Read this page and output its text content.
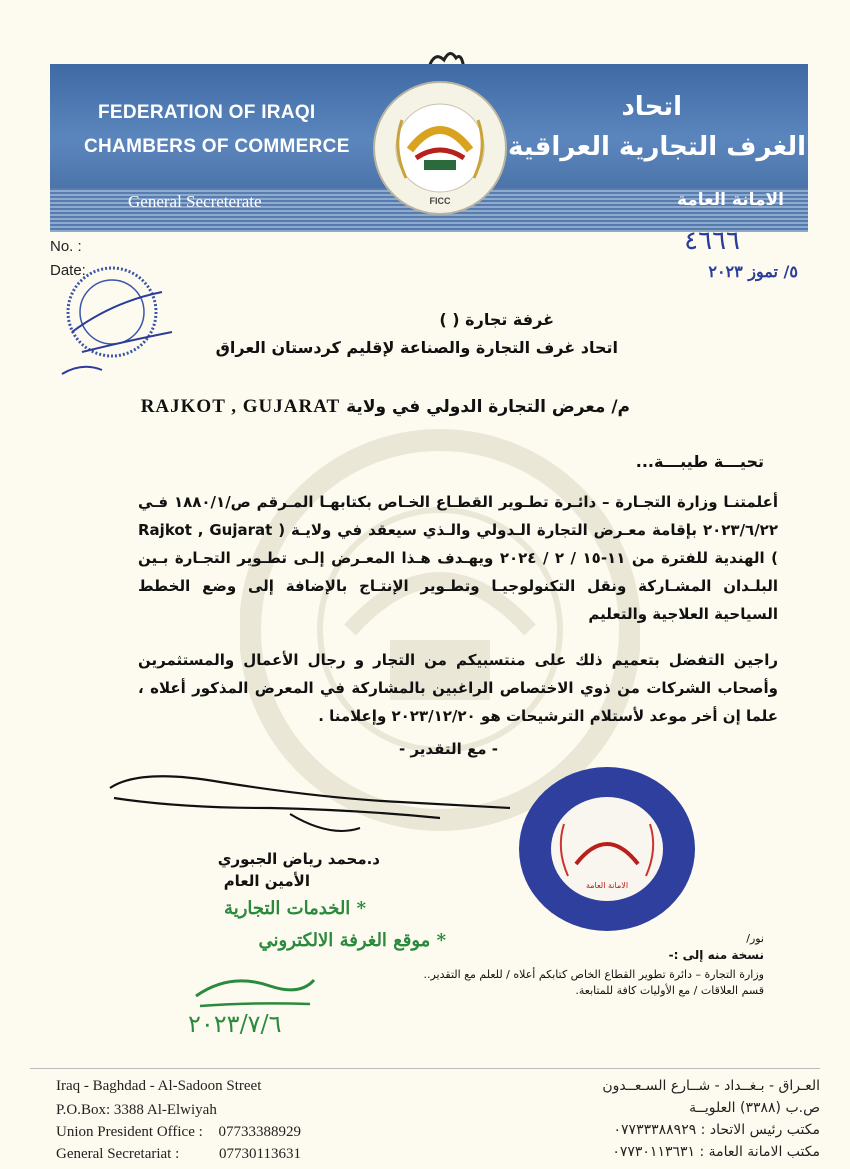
FEDERATION OF IRAQI
CHAMBERS OF COMMERCE
General Secreterate
اتحاد
الغرف التجارية العراقية
الامانة العامة
FICC
No. :
Date:
٤٦٦٦
٥/ تموز ٢٠٢٣
غرفة تجارة ( )
اتحاد غرف التجارة والصناعة لإقليم كردستان العراق
م/ معرض التجارة الدولي في ولاية RAJKOT , GUJARAT
تحيـــة طيبـــة...
أعلمتنـا وزارة التجـارة – دائـرة تطـوير القطـاع الخـاص بكتابهـا المـرقم ص/١٨٨٠/١ فـي ٢٠٢٣/٦/٢٢ بإقامة معـرض التجارة الـدولي والـذي سيعقد في ولايـة ( Rajkot , Gujarat ) الهندية للفترة من ١١-١٥ / ٢ / ٢٠٢٤ ويهـدف هـذا المعـرض إلـى تطـوير التجـارة بـين البلـدان المشـاركة ونقل التكنولوجيـا وتطـوير الإنتـاج بالإضافة إلى وضع الخطط السياحية العلاجية والتعليم
راجين التفضل بتعميم ذلك على منتسبيكم من التجار و رجال الأعمال والمستثمرين وأصحاب الشركات من ذوي الاختصاص الراغبين بالمشاركة في المعرض المذكور أعلاه ، علما إن أخر موعد لأستلام الترشيحات هو ٢٠٢٣/١٢/٢٠ وإعلامنا .
- مع التقدير -
د.محمد رياض الجبوري
الأمين العام	الامانة العامة
* الخدمات التجارية
* موقع الغرفة الالكتروني
٢٠٢٣/٧/٦
نور/
نسخة منه إلى :-
وزارة التجارة – دائرة تطوير القطاع الخاص كتابكم أعلاه / للعلم مع التقدير..
قسم العلاقات / مع الأوليات كافة للمتابعة.
Iraq - Baghdad - Al-Sadoon Street
P.O.Box: 3388 Al-Elwiyah
Union President Office : 07733388929
General Secretariat :	07730113631
العـراق - بـغــداد - شــارع السـعــدون
ص.ب (٣٣٨٨) العلويــة
مكتب رئيس الاتحاد : ٠٧٧٣٣٣٨٨٩٢٩
مكتب الامانة العامة : ٠٧٧٣٠١١٣٦٣١
